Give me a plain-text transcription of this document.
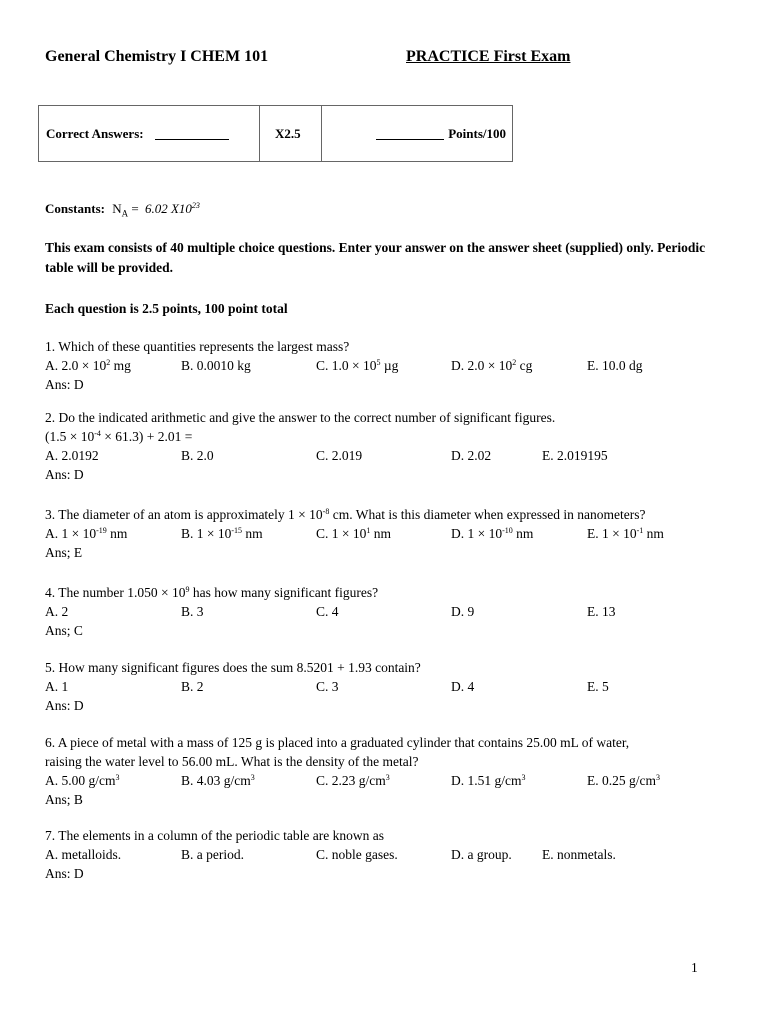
General Chemistry I CHEM 101	PRACTICE First Exam
Correct Answers:	X2.5	Points/100
Constants: $N_A = 6.02$ $X10^{23}$
This exam consists of 40 multiple choice questions. Enter your answer on the answer sheet (supplied) only. Periodic table will be provided.
Each question is 2.5 points, 100 point total
1. Which of these quantities represents the largest mass?
A. $2.0 \times 10^2$ mg	B. 0.0010 kg	C. $1.0 \times 10^5$ µg	D. $2.0 \times 10^2$ cg	E. 10.0 dg
Ans: D
2. Do the indicated arithmetic and give the answer to the correct number of significant figures.
$(1.5 \times 10^{-4} \times 61.3) + 2.01$ =
A. 2.0192	B. 2.0	C. 2.019	D. 2.02	E. 2.019195
Ans: D
3. The diameter of an atom is approximately $1 \times 10^{-8}$ cm. What is this diameter when expressed in nanometers?
A. $1 \times 10^{-19}$ nm	B. $1 \times 10^{-15}$ nm	C. $1 \times 10^1$ nm	D. $1 \times 10^{-10}$ nm	E. $1 \times 10^{-1}$ nm
Ans; E
4. The number $1.050 \times 10^9$ has how many significant figures?
A. 2	B. 3	C. 4	D. 9	E. 13
Ans; C
5. How many significant figures does the sum 8.5201 + 1.93 contain?
A. 1	B. 2	C. 3	D. 4	E. 5
Ans: D
6. A piece of metal with a mass of 125 g is placed into a graduated cylinder that contains 25.00 mL of water,
raising the water level to 56.00 mL. What is the density of the metal?
A. 5.00 $g/cm^3$	B. 4.03 $g/cm^3$	C. 2.23 $g/cm^3$	D. 1.51 $g/cm^3$	E. 0.25 $g/cm^3$
Ans; B
7. The elements in a column of the periodic table are known as
A. metalloids.	B. a period.	C. noble gases.	D. a group. E. nonmetals.
Ans: D
1
